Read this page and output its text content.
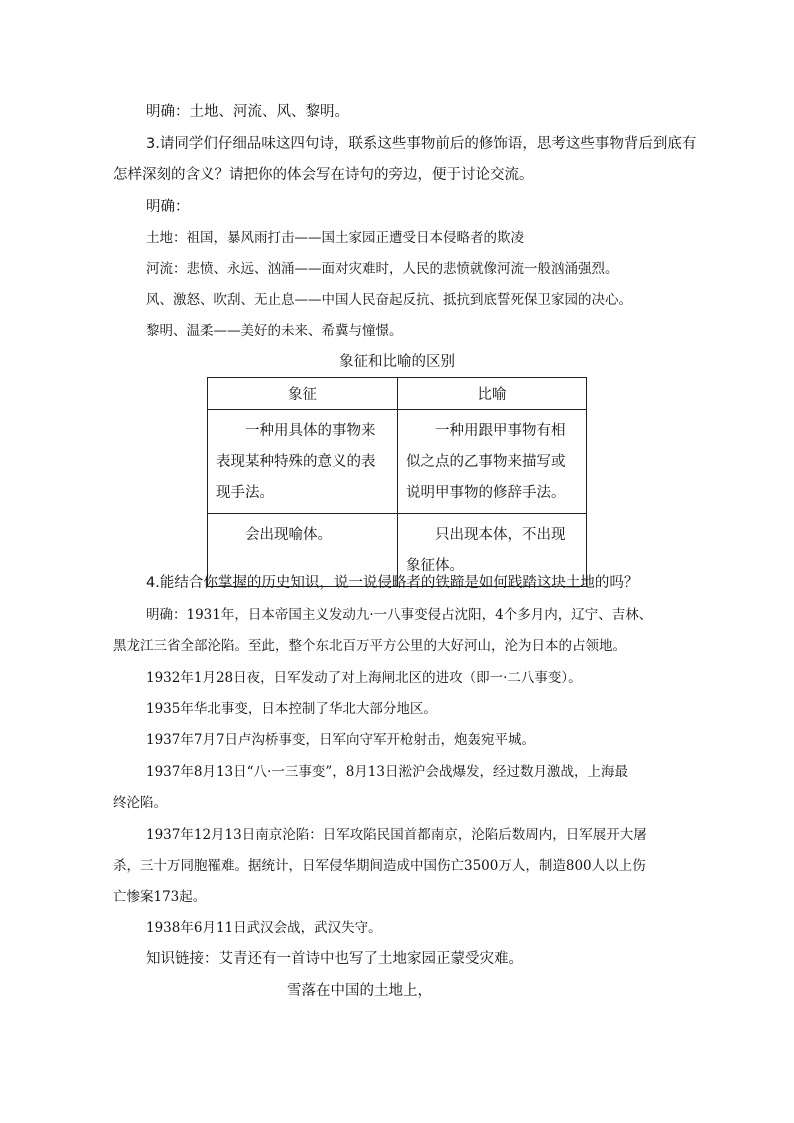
明确：土地、河流、风、黎明。
3.请同学们仔细品味这四句诗，联系这些事物前后的修饰语，思考这些事物背后到底有
怎样深刻的含义？请把你的体会写在诗句的旁边，便于讨论交流。
明确：
土地：祖国，暴风雨打击——国土家园正遭受日本侵略者的欺凌
河流：悲愤、永远、汹涌——面对灾难时，人民的悲愤就像河流一般汹涌强烈。
风、激怒、吹刮、无止息——中国人民奋起反抗、抵抗到底誓死保卫家园的决心。
黎明、温柔——美好的未来、希冀与憧憬。
象征和比喻的区别
象征	比喻
一种用具体的事物来表现某种特殊的意义的表现手法。	一种用跟甲事物有相似之点的乙事物来描写或说明甲事物的修辞手法。
会出现喻体。	只出现本体，不出现象征体。
4.能结合你掌握的历史知识，说一说侵略者的铁蹄是如何践踏这块土地的吗？
明确：1931年，日本帝国主义发动九·一八事变侵占沈阳，4个多月内，辽宁、吉林、
黑龙江三省全部沦陷。至此，整个东北百万平方公里的大好河山，沦为日本的占领地。
1932年1月28日夜，日军发动了对上海闸北区的进攻（即一·二八事变）。
1935年华北事变，日本控制了华北大部分地区。
1937年7月7日卢沟桥事变，日军向守军开枪射击，炮轰宛平城。
1937年8月13日“八·一三事变”，8月13日淞沪会战爆发，经过数月激战，上海最
终沦陷。
1937年12月13日南京沦陷：日军攻陷民国首都南京，沦陷后数周内，日军展开大屠
杀，三十万同胞罹难。据统计，日军侵华期间造成中国伤亡3500万人，制造800人以上伤
亡惨案173起。
1938年6月11日武汉会战，武汉失守。
知识链接：艾青还有一首诗中也写了土地家园正蒙受灾难。
雪落在中国的土地上，
